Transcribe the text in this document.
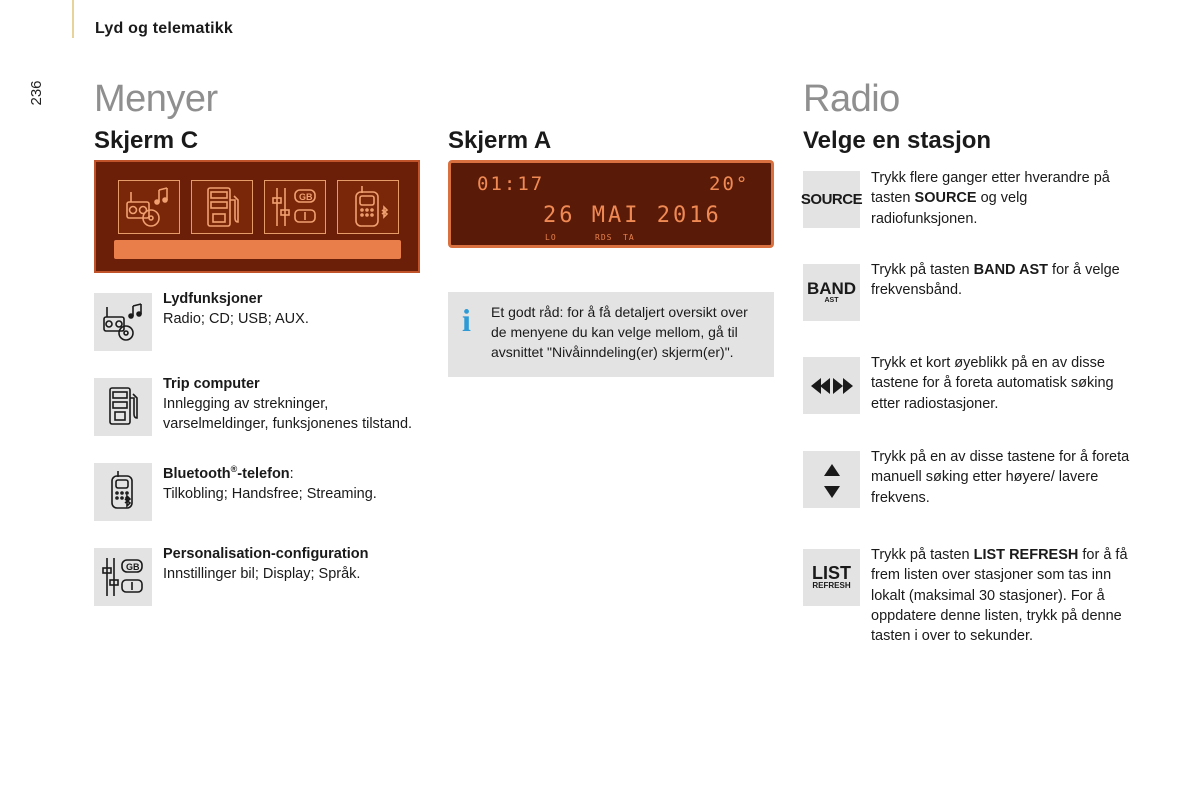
Lyd og telematikk
236	Menyer	Radio
Skjerm C	Skjerm A	Velge en stasjon
GB
01:17	20°
26 MAI 2016
LO	RDS TA
Lydfunksjoner
Radio; CD; USB; AUX.
Trip computer
Innlegging av strekninger, varselmeldinger, funksjonenes tilstand.
Bluetooth®-telefon:
Tilkobling; Handsfree; Streaming.
GB
Personalisation-configuration
Innstillinger bil; Display; Språk.
i Et godt råd: for å få detaljert oversikt over de menyene du kan velge mellom, gå til avsnittet "Nivåinndeling(er) skjerm(er)".
SOURCE
Trykk flere ganger etter hverandre på tasten SOURCE og velg radiofunksjonen.
BAND
AST
Trykk på tasten BAND AST for å velge frekvensbånd.
Trykk et kort øyeblikk på en av disse tastene for å foreta automatisk søking etter radiostasjoner.
Trykk på en av disse tastene for å foreta manuell søking etter høyere/ lavere frekvens.
LIST
REFRESH
Trykk på tasten LIST REFRESH for å få frem listen over stasjoner som tas inn lokalt (maksimal 30 stasjoner). For å oppdatere denne listen, trykk på denne tasten i over to sekunder.
